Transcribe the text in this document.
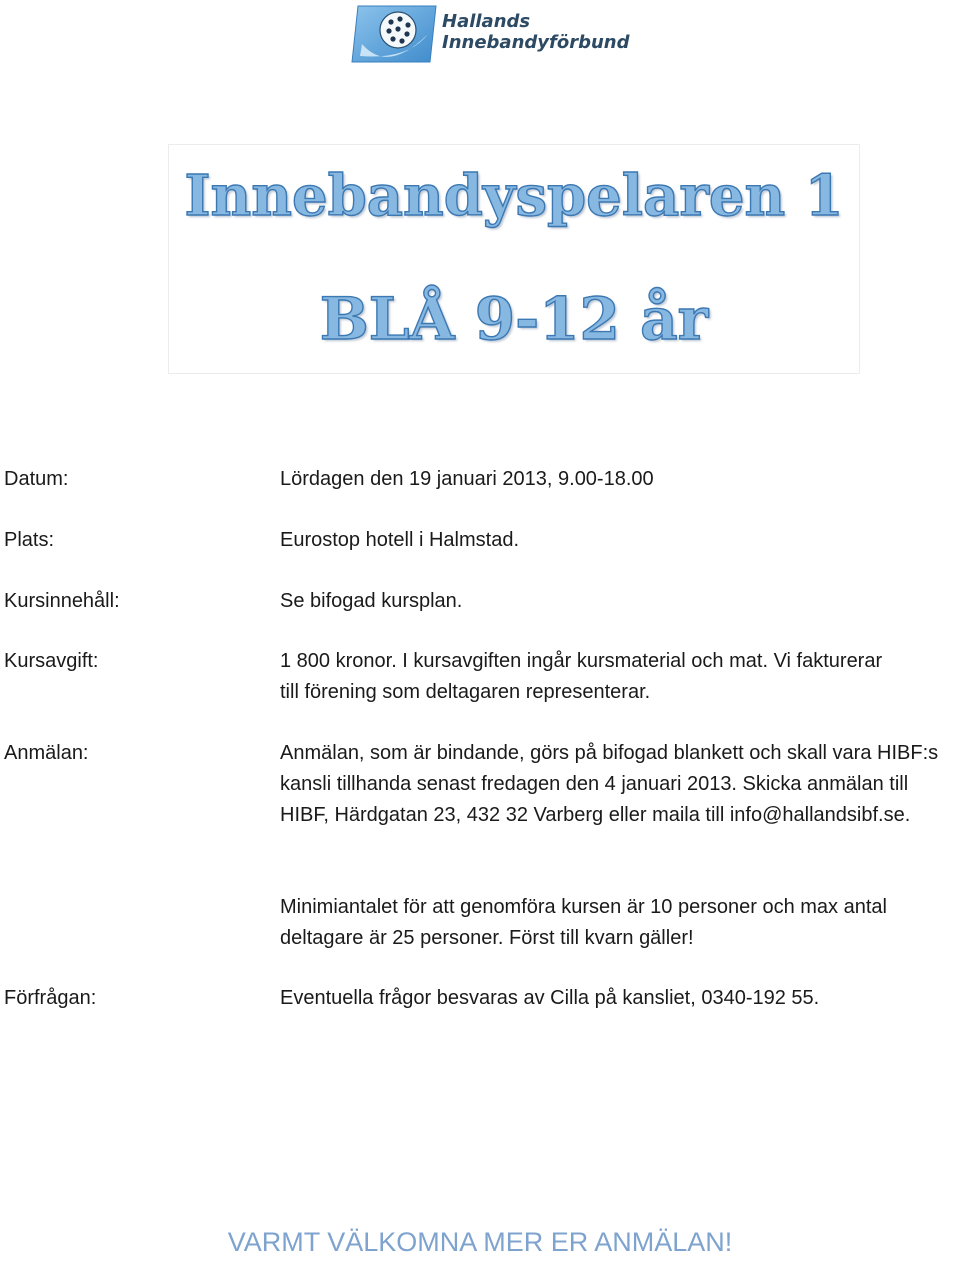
Hallands
Innebandyförbund
Innebandyspelaren 1
BLÅ 9-12 år
Datum:	Lördagen den 19 januari 2013, 9.00-18.00
Plats:	Eurostop hotell i Halmstad.
Kursinnehåll:	Se bifogad kursplan.
Kursavgift:	1 800 kronor. I kursavgiften ingår kursmaterial och mat. Vi fakturerar till förening som deltagaren representerar.
Anmälan:	Anmälan, som är bindande, görs på bifogad blankett och skall vara HIBF:s kansli tillhanda senast fredagen den 4 januari 2013. Skicka anmälan till HIBF, Härdgatan 23, 432 32 Varberg eller maila till info@hallandsibf.se.
Minimiantalet för att genomföra kursen är 10 personer och max antal deltagare är 25 personer. Först till kvarn gäller!
Förfrågan:	Eventuella frågor besvaras av Cilla på kansliet, 0340-192 55.
VARMT VÄLKOMNA MER ER ANMÄLAN!
